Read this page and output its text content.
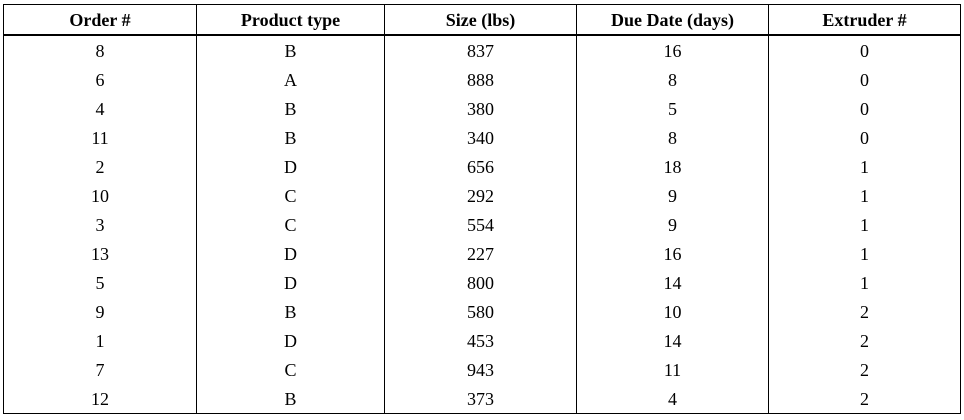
Order #	Product type	Size (lbs)	Due Date (days)	Extruder #
8	B	837	16	0
6	A	888	8	0
4	B	380	5	0
11	B	340	8	0
2	D	656	18	1
10	C	292	9	1
3	C	554	9	1
13	D	227	16	1
5	D	800	14	1
9	B	580	10	2
1	D	453	14	2
7	C	943	11	2
12	B	373	4	2
